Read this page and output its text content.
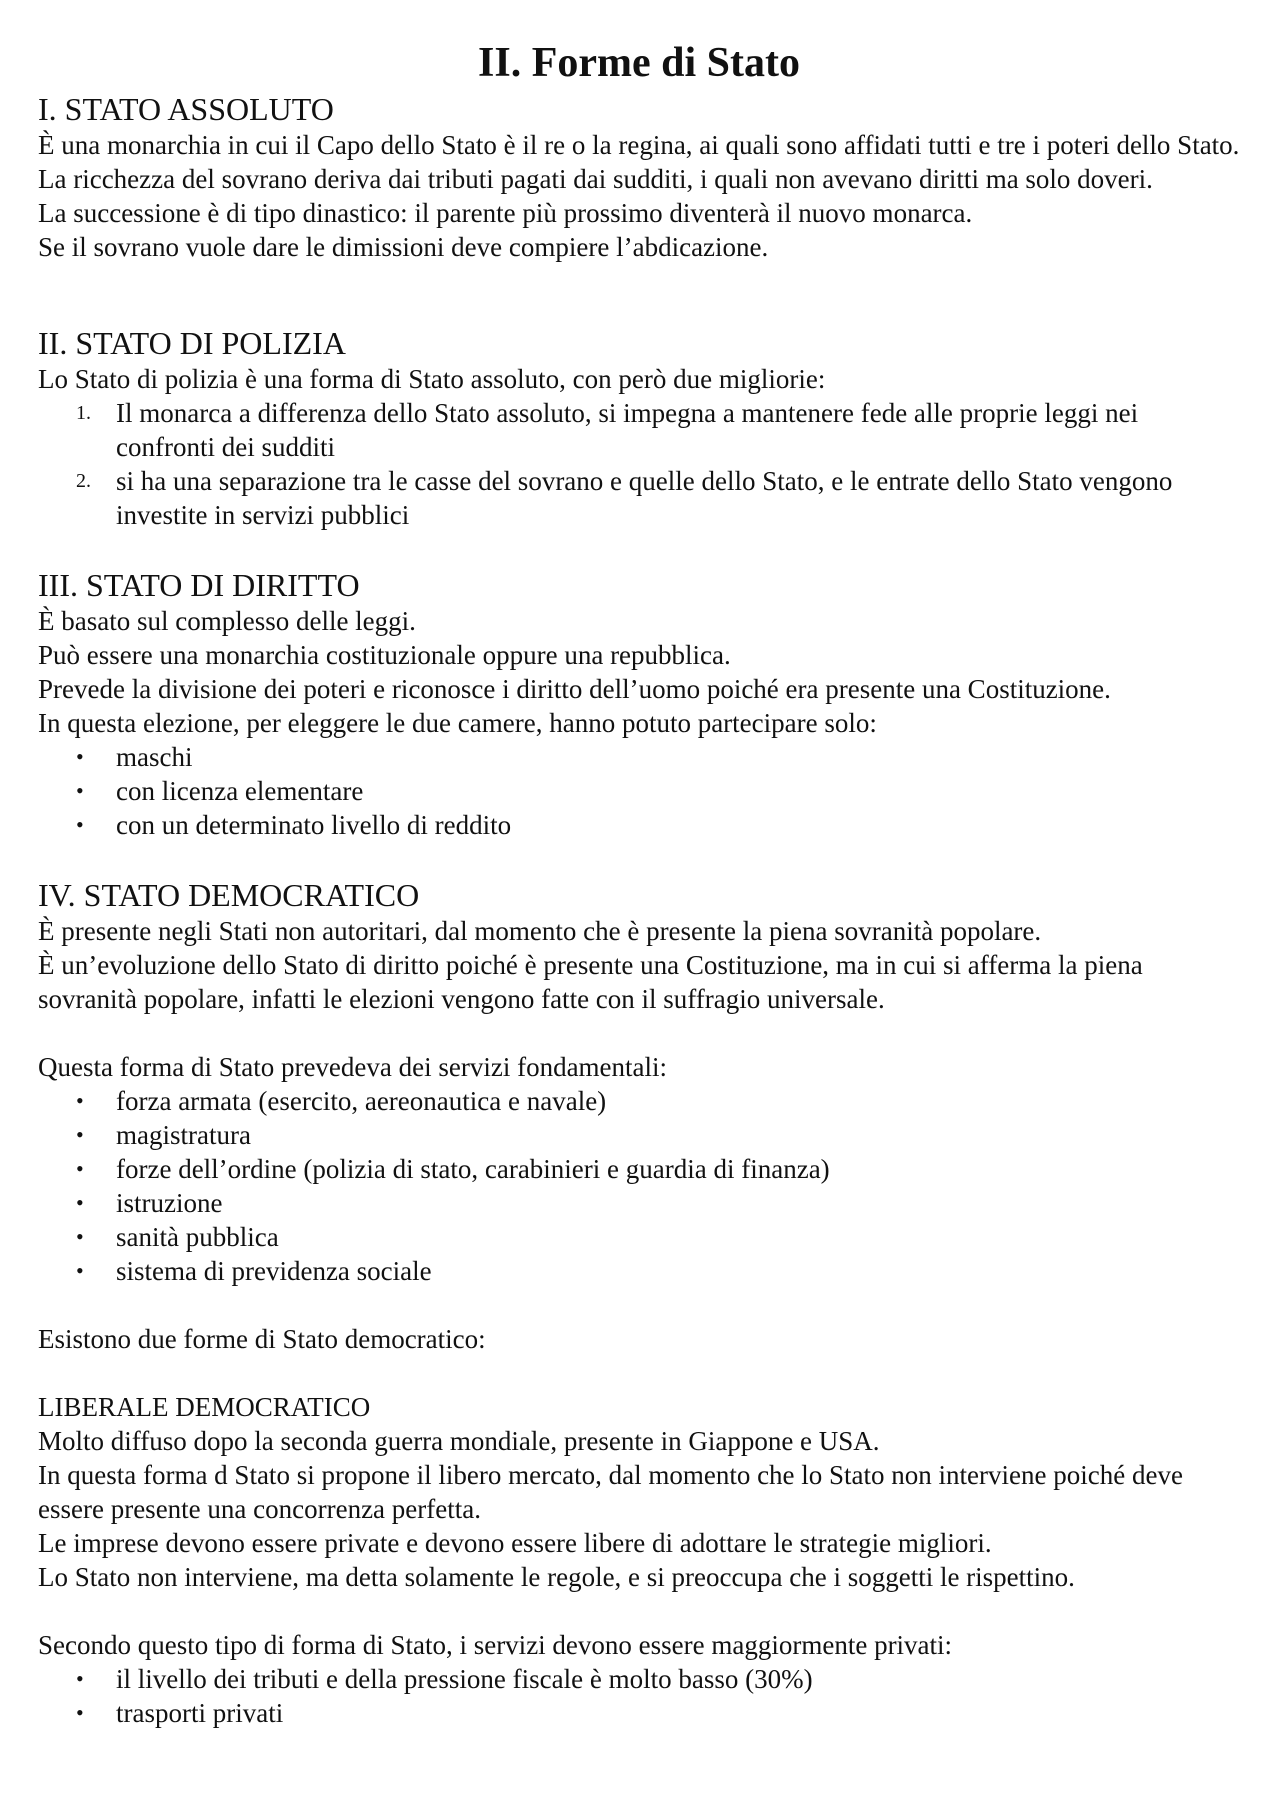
II. Forme di Stato
I. STATO ASSOLUTO

È una monarchia in cui il Capo dello Stato è il re o la regina, ai quali sono affidati tutti e tre i poteri dello Stato.

La ricchezza del sovrano deriva dai tributi pagati dai sudditi, i quali non avevano diritti ma solo doveri.

La successione è di tipo dinastico: il parente più prossimo diventerà il nuovo monarca.

Se il sovrano vuole dare le dimissioni deve compiere l’abdicazione.

II. STATO DI POLIZIA

Lo Stato di polizia è una forma di Stato assoluto, con però due migliorie:

1. Il monarca a differenza dello Stato assoluto, si impegna a mantenere fede alle proprie leggi nei confronti dei sudditi
2. si ha una separazione tra le casse del sovrano e quelle dello Stato, e le entrate dello Stato vengono investite in servizi pubblici
III. STATO DI DIRITTO

È basato sul complesso delle leggi.

Può essere una monarchia costituzionale oppure una repubblica.

Prevede la divisione dei poteri e riconosce i diritto dell’uomo poiché era presente una Costituzione.

In questa elezione, per eleggere le due camere, hanno potuto partecipare solo:

•	maschi
•	con licenza elementare
•	con un determinato livello di reddito
IV. STATO DEMOCRATICO

È presente negli Stati non autoritari, dal momento che è presente la piena sovranità popolare.

È un’evoluzione dello Stato di diritto poiché è presente una Costituzione, ma in cui si afferma la piena sovranità popolare, infatti le elezioni vengono fatte con il suffragio universale.

Questa forma di Stato prevedeva dei servizi fondamentali:

•	forza armata (esercito, aereonautica e navale)
•	magistratura
•	forze dell’ordine (polizia di stato, carabinieri e guardia di finanza)
•	istruzione
•	sanità pubblica
•	sistema di previdenza sociale

Esistono due forme di Stato democratico:

LIBERALE DEMOCRATICO

Molto diffuso dopo la seconda guerra mondiale, presente in Giappone e USA.

In questa forma d Stato si propone il libero mercato, dal momento che lo Stato non interviene poiché deve essere presente una concorrenza perfetta.

Le imprese devono essere private e devono essere libere di adottare le strategie migliori.

Lo Stato non interviene, ma detta solamente le regole, e si preoccupa che i soggetti le rispettino.

Secondo questo tipo di forma di Stato, i servizi devono essere maggiormente privati:

•	il livello dei tributi e della pressione fiscale è molto basso (30%)
•	trasporti privati
